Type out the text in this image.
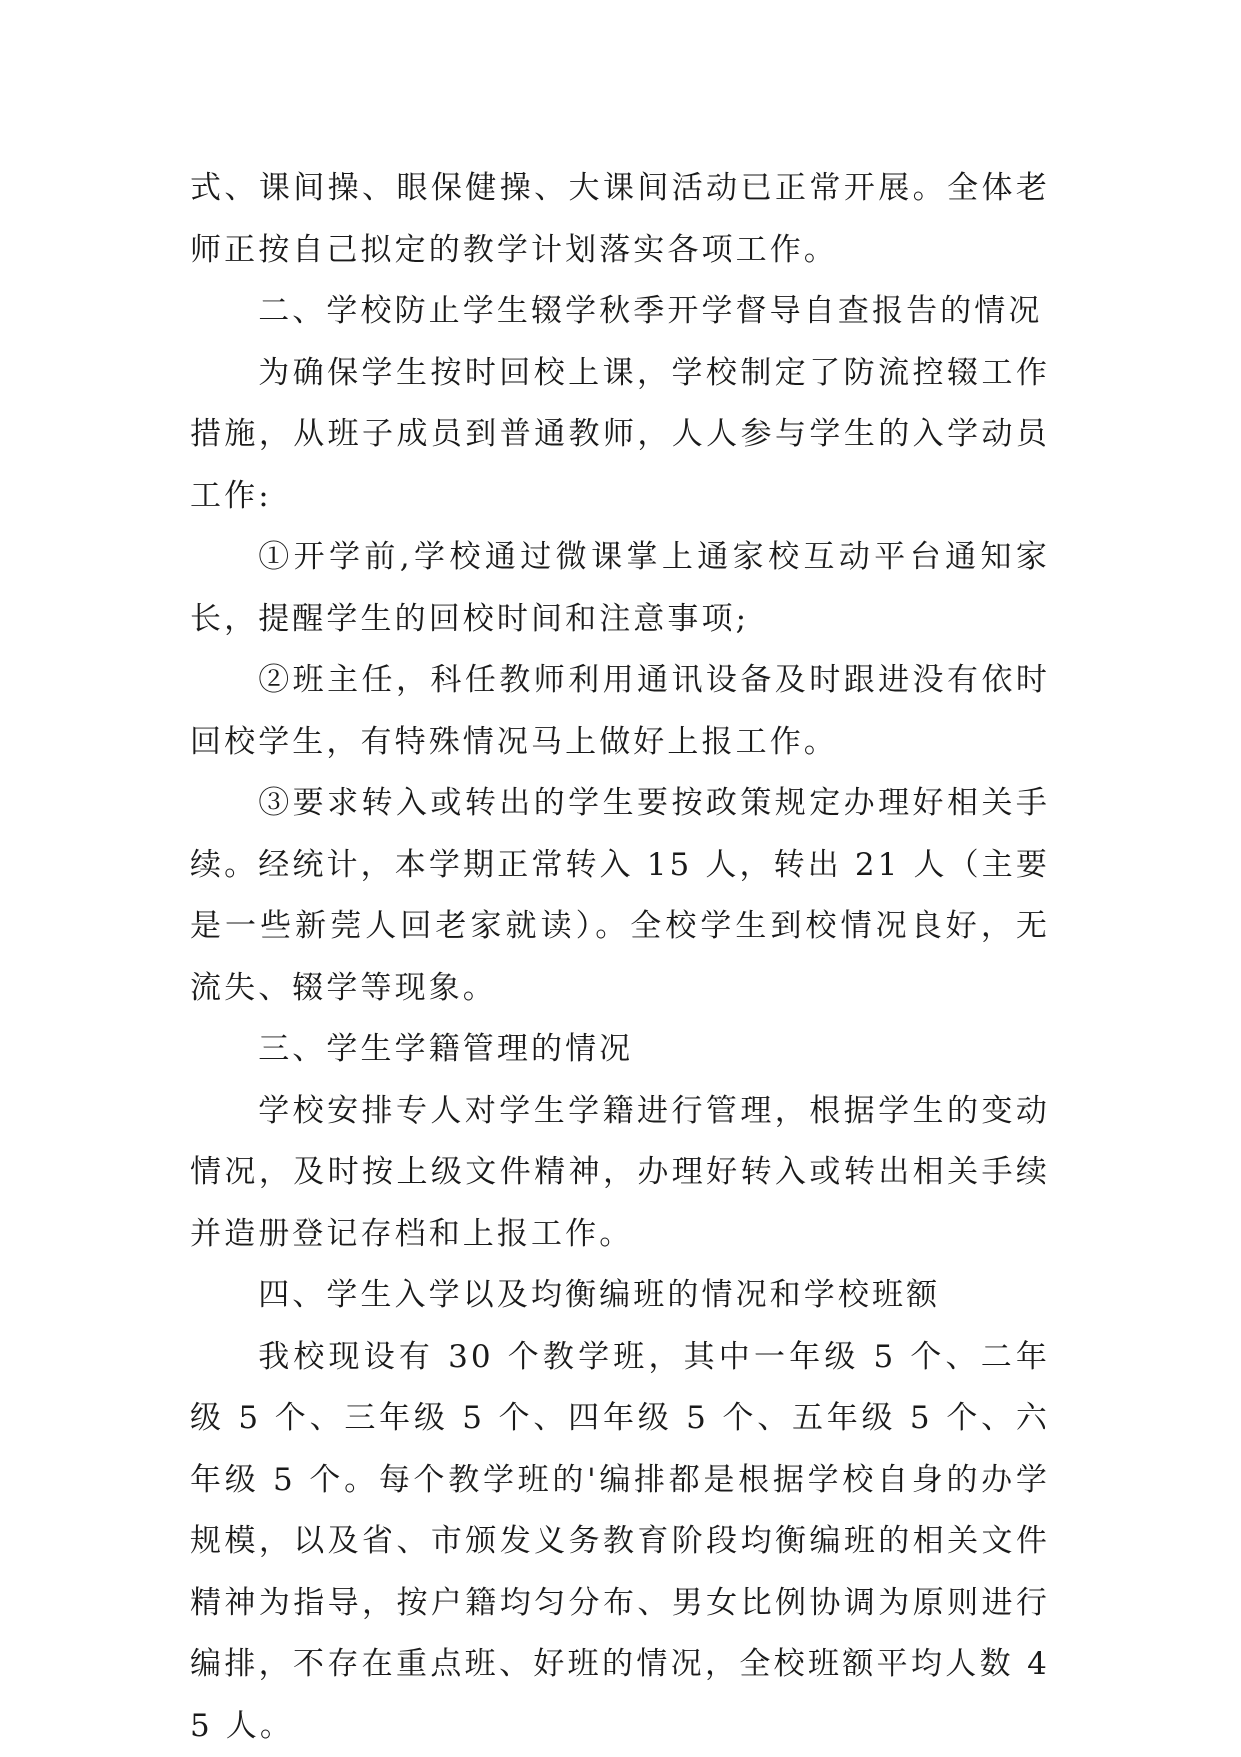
式、课间操、眼保健操、大课间活动已正常开展。全体老师正按自己拟定的教学计划落实各项工作。

二、学校防止学生辍学秋季开学督导自查报告的情况

为确保学生按时回校上课，学校制定了防流控辍工作措施，从班子成员到普通教师，人人参与学生的入学动员工作:

①开学前,学校通过微课掌上通家校互动平台通知家长，提醒学生的回校时间和注意事项;

②班主任，科任教师利用通讯设备及时跟进没有依时回校学生，有特殊情况马上做好上报工作。

③要求转入或转出的学生要按政策规定办理好相关手续。经统计，本学期正常转入 15 人，转出 21 人（主要是一些新莞人回老家就读）。全校学生到校情况良好，无流失、辍学等现象。

三、学生学籍管理的情况

学校安排专人对学生学籍进行管理，根据学生的变动情况，及时按上级文件精神，办理好转入或转出相关手续并造册登记存档和上报工作。

四、学生入学以及均衡编班的情况和学校班额

我校现设有 30 个教学班，其中一年级 5 个、二年级 5 个、三年级 5 个、四年级 5 个、五年级 5 个、六年级 5 个。每个教学班的'编排都是根据学校自身的办学规模，以及省、市颁发义务教育阶段均衡编班的相关文件精神为指导，按户籍均匀分布、男女比例协调为原则进行编排，不存在重点班、好班的情况，全校班额平均人数 45 人。
